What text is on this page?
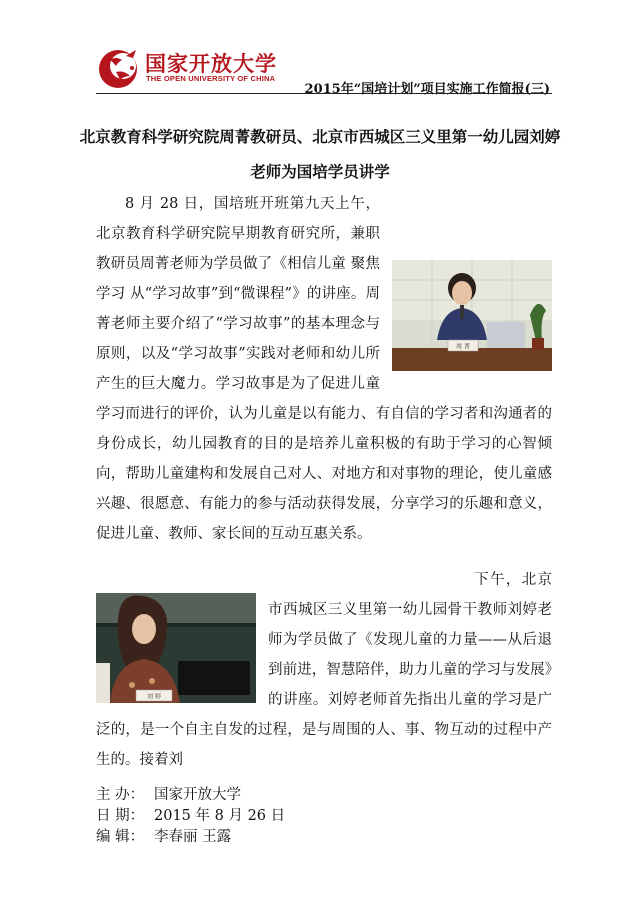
国家开放大学
THE OPEN UNIVERSITY OF CHINA
2015年“国培计划”项目实施工作简报(三)
北京教育科学研究院周菁教研员、北京市西城区三义里第一幼儿园刘婷
老师为国培学员讲学
周 菁
8 月 28 日，国培班开班第九天上午，北京教育科学研究院早期教育研究所，兼职教研员周菁老师为学员做了《相信儿童 聚焦学习 从“学习故事”到“微课程”》的讲座。周菁老师主要介绍了“学习故事”的基本理念与原则，以及“学习故事”实践对老师和幼儿所产生的巨大魔力。学习故事是为了促进儿童学习而进行的评价，认为儿童是以有能力、有自信的学习者和沟通者的身份成长，幼儿园教育的目的是培养儿童积极的有助于学习的心智倾向，帮助儿童建构和发展自己对人、对地方和对事物的理论，使儿童感兴趣、很愿意、有能力的参与活动获得发展，分享学习的乐趣和意义，促进儿童、教师、家长间的互动互惠关系。
刘 婷
下午，北京市西城区三义里第一幼儿园骨干教师刘婷老师为学员做了《发现儿童的力量——从后退到前进，智慧陪伴，助力儿童的学习与发展》的讲座。刘婷老师首先指出儿童的学习是广泛的，是一个自主自发的过程，是与周围的人、事、物互动的过程中产生的。接着刘
主 办： 国家开放大学
日 期： 2015 年 8 月 26 日
编 辑： 李春丽 王露
